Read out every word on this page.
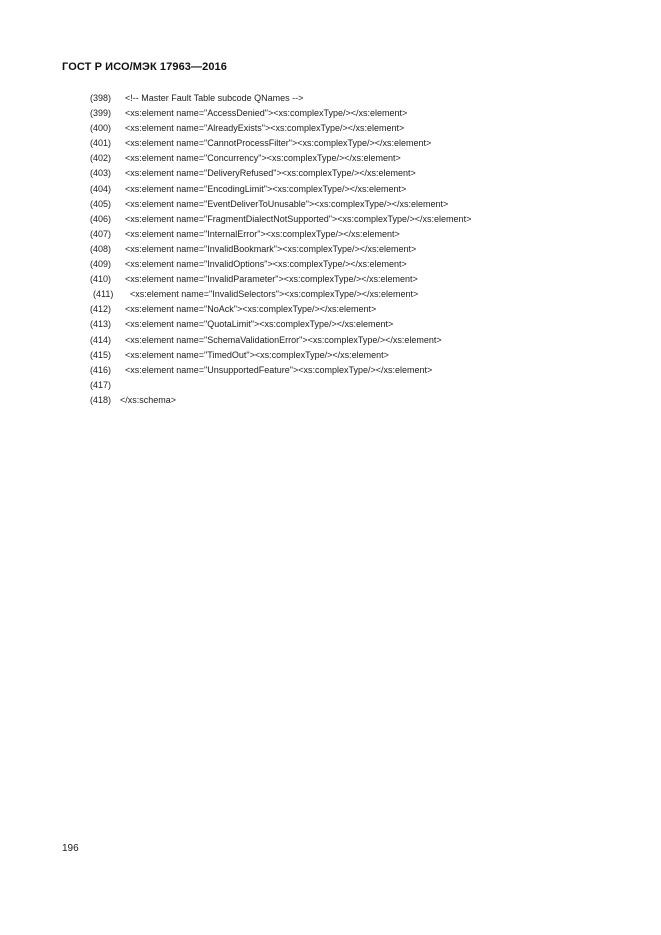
ГОСТ Р ИСО/МЭК 17963—2016
(398)	<!-- Master Fault Table subcode QNames -->
(399)	<xs:element name="AccessDenied"><xs:complexType/></xs:element>
(400)	<xs:element name="AlreadyExists"><xs:complexType/></xs:element>
(401)	<xs:element name="CannotProcessFilter"><xs:complexType/></xs:element>
(402)	<xs:element name="Concurrency"><xs:complexType/></xs:element>
(403)	<xs:element name="DeliveryRefused"><xs:complexType/></xs:element>
(404)	<xs:element name="EncodingLimit"><xs:complexType/></xs:element>
(405)	<xs:element name="EventDeliverToUnusable"><xs:complexType/></xs:element>
(406)	<xs:element name="FragmentDialectNotSupported"><xs:complexType/></xs:element>
(407)	<xs:element name="InternalError"><xs:complexType/></xs:element>
(408)	<xs:element name="InvalidBookmark"><xs:complexType/></xs:element>
(409)	<xs:element name="InvalidOptions"><xs:complexType/></xs:element>
(410)	<xs:element name="InvalidParameter"><xs:complexType/></xs:element>
(411)	<xs:element name="InvalidSelectors"><xs:complexType/></xs:element>
(412)	<xs:element name="NoAck"><xs:complexType/></xs:element>
(413)	<xs:element name="QuotaLimit"><xs:complexType/></xs:element>
(414)	<xs:element name="SchemaValidationError"><xs:complexType/></xs:element>
(415)	<xs:element name="TimedOut"><xs:complexType/></xs:element>
(416)	<xs:element name="UnsupportedFeature"><xs:complexType/></xs:element>
(417)
(418) </xs:schema>
196
